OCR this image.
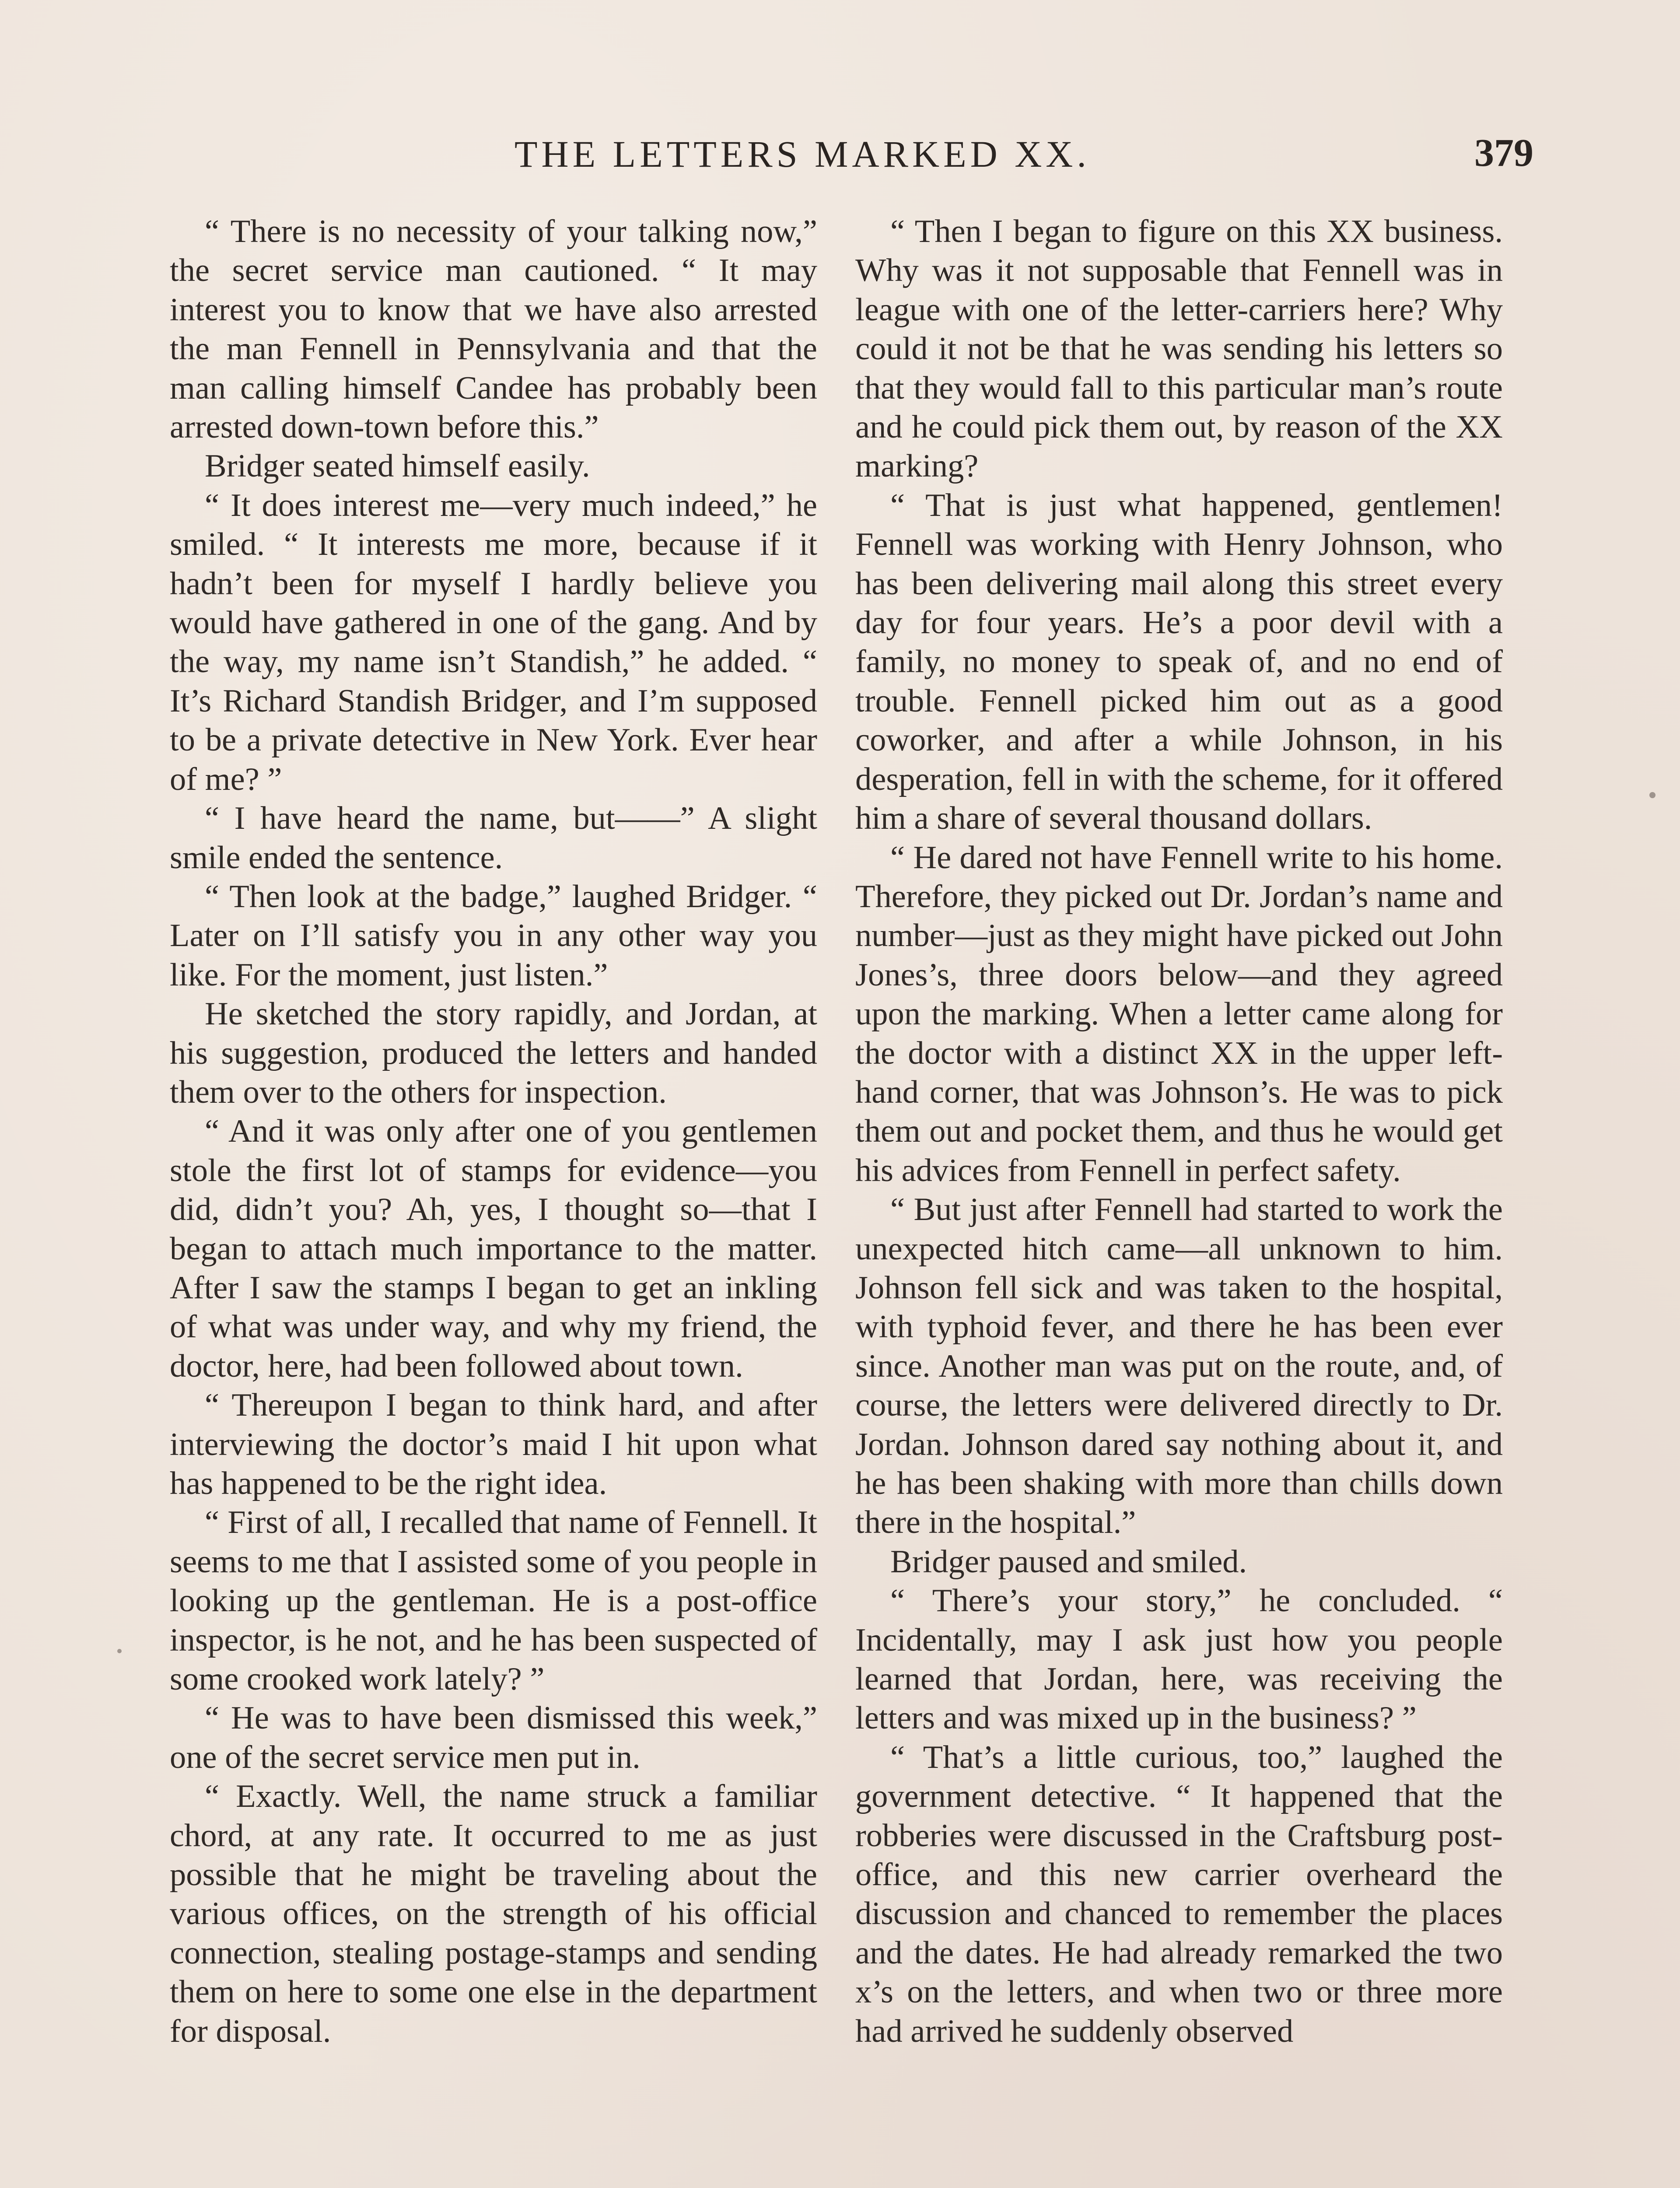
THE LETTERS MARKED XX.	379

“ There is no necessity of your talking now,” the secret service man cautioned. “ It may interest you to know that we have also arrested the man Fennell in Pennsylvania and that the man calling himself Candee has probably been arrested down-town before this.”

Bridger seated himself easily.

“ It does interest me—very much indeed,” he smiled. “ It interests me more, because if it hadn’t been for myself I hardly believe you would have gathered in one of the gang. And by the way, my name isn’t Standish,” he added. “ It’s Richard Standish Bridger, and I’m supposed to be a private detective in New York. Ever hear of me? ”

“ I have heard the name, but——” A slight smile ended the sentence.

“ Then look at the badge,” laughed Bridger. “ Later on I’ll satisfy you in any other way you like. For the moment, just listen.”

He sketched the story rapidly, and Jordan, at his suggestion, produced the letters and handed them over to the others for inspection.

“ And it was only after one of you gentlemen stole the first lot of stamps for evidence—you did, didn’t you? Ah, yes, I thought so—that I began to attach much importance to the matter. After I saw the stamps I began to get an inkling of what was under way, and why my friend, the doctor, here, had been followed about town.

“ Thereupon I began to think hard, and after interviewing the doctor’s maid I hit upon what has happened to be the right idea.

“ First of all, I recalled that name of Fennell. It seems to me that I assisted some of you people in looking up the gentleman. He is a post-office inspector, is he not, and he has been suspected of some crooked work lately? ”

“ He was to have been dismissed this week,” one of the secret service men put in.

“ Exactly. Well, the name struck a familiar chord, at any rate. It occurred to me as just possible that he might be traveling about the various offices, on the strength of his official connection, stealing postage-stamps and sending them on here to some one else in the department for disposal.

“ Then I began to figure on this XX business. Why was it not supposable that Fennell was in league with one of the letter-carriers here? Why could it not be that he was sending his letters so that they would fall to this particular man’s route and he could pick them out, by reason of the XX marking?

“ That is just what happened, gentlemen! Fennell was working with Henry Johnson, who has been delivering mail along this street every day for four years. He’s a poor devil with a family, no money to speak of, and no end of trouble. Fennell picked him out as a good coworker, and after a while Johnson, in his desperation, fell in with the scheme, for it offered him a share of several thousand dollars.

“ He dared not have Fennell write to his home. Therefore, they picked out Dr. Jordan’s name and number—just as they might have picked out John Jones’s, three doors below—and they agreed upon the marking. When a letter came along for the doctor with a distinct XX in the upper left-hand corner, that was Johnson’s. He was to pick them out and pocket them, and thus he would get his advices from Fennell in perfect safety.

“ But just after Fennell had started to work the unexpected hitch came—all unknown to him. Johnson fell sick and was taken to the hospital, with typhoid fever, and there he has been ever since. Another man was put on the route, and, of course, the letters were delivered directly to Dr. Jordan. Johnson dared say nothing about it, and he has been shaking with more than chills down there in the hospital.”

Bridger paused and smiled.

“ There’s your story,” he concluded. “ Incidentally, may I ask just how you people learned that Jordan, here, was receiving the letters and was mixed up in the business? ”

“ That’s a little curious, too,” laughed the government detective. “ It happened that the robberies were discussed in the Craftsburg post-office, and this new carrier overheard the discussion and chanced to remember the places and the dates. He had already remarked the two x’s on the letters, and when two or three more had arrived he suddenly observed
